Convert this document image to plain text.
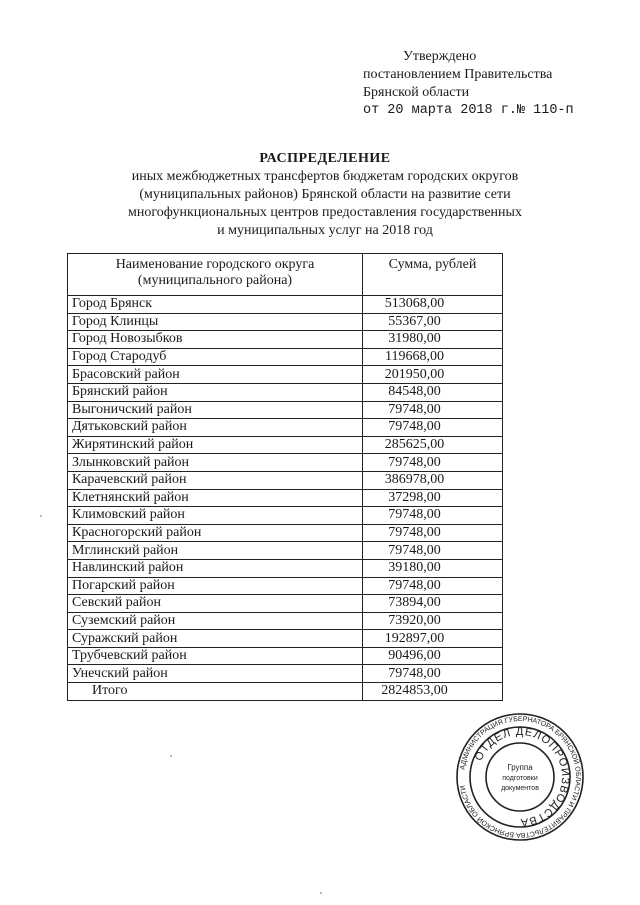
Утверждено
постановлением Правительства
Брянской области
от 20 марта 2018 г.№ 110-п
РАСПРЕДЕЛЕНИЕ
иных межбюджетных трансфертов бюджетам городских округов
(муниципальных районов) Брянской области на развитие сети
многофункциональных центров предоставления государственных
и муниципальных услуг на 2018 год
Наименование городского округа
(муниципального района)	Сумма, рублей
Город Брянск	513068,00
Город Клинцы	55367,00
Город Новозыбков	31980,00
Город Стародуб	119668,00
Брасовский район	201950,00
Брянский район	84548,00
Выгоничский район	79748,00
Дятьковский район	79748,00
Жирятинский район	285625,00
Злынковский район	79748,00
Карачевский район	386978,00
Клетнянский район	37298,00
Климовский район	79748,00
Красногорский район	79748,00
Мглинский район	79748,00
Навлинский район	39180,00
Погарский район	79748,00
Севский район	73894,00
Суземский район	73920,00
Суражский район	192897,00
Трубчевский район	90496,00
Унечский район	79748,00
Итого	2824853,00
АДМИНИСТРАЦИЯ ГУБЕРНАТОРА БРЯНСКОЙ ОБЛАСТИ И ПРАВИТЕЛЬСТВА БРЯНСКОЙ ОБЛАСТИ
ОТДЕЛ ДЕЛОПРОИЗВОДСТВА
Группа
подготовки
документов
